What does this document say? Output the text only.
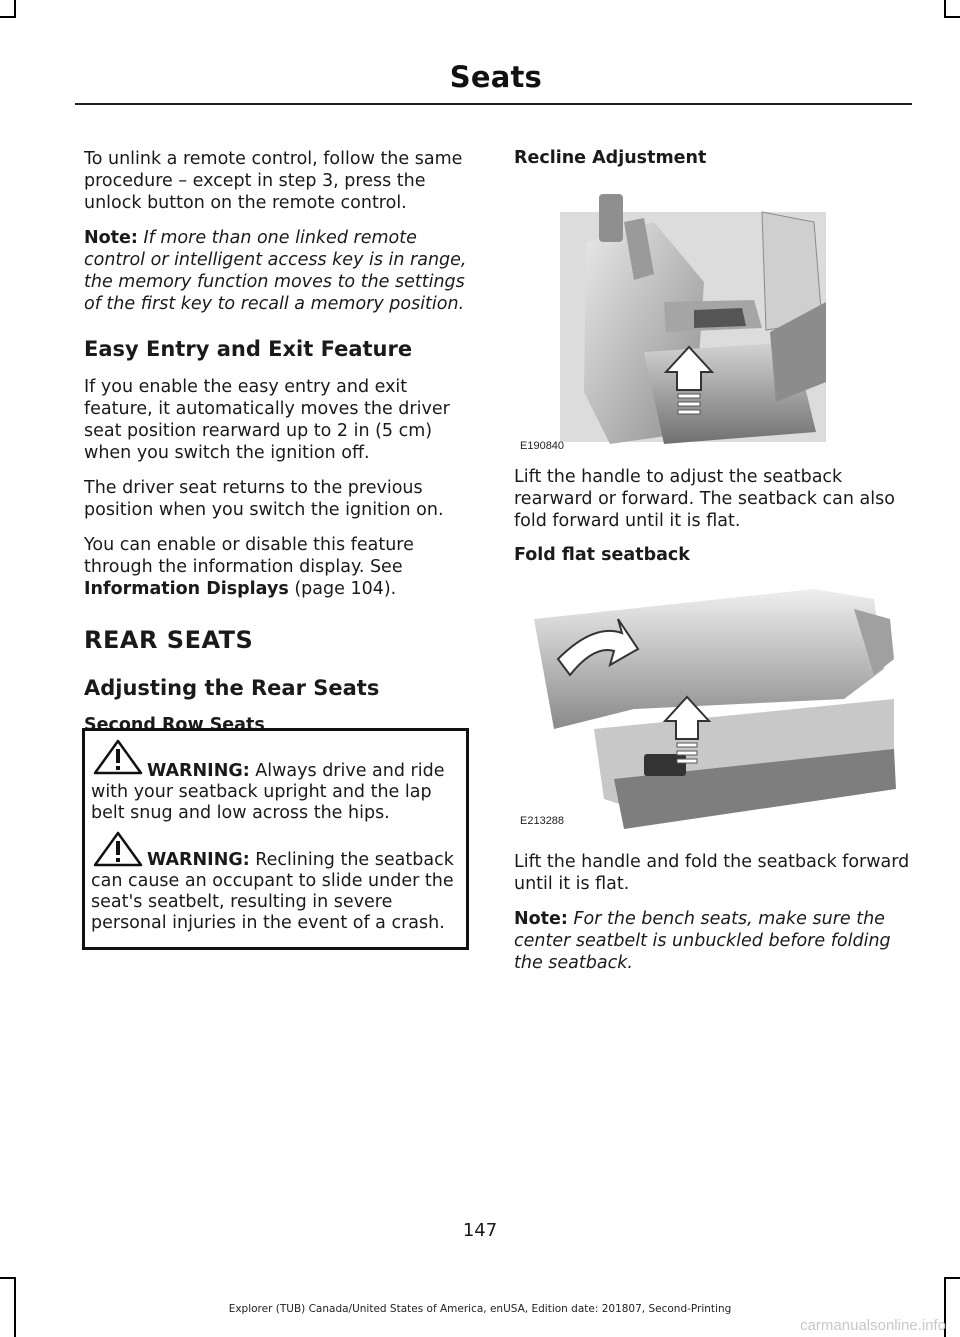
Seats

To unlink a remote control, follow the same procedure – except in step 3, press the unlock button on the remote control.

Note: If more than one linked remote control or intelligent access key is in range, the memory function moves to the settings of the first key to recall a memory position.

Easy Entry and Exit Feature

If you enable the easy entry and exit feature, it automatically moves the driver seat position rearward up to 2 in (5 cm) when you switch the ignition off.

The driver seat returns to the previous position when you switch the ignition on.

You can enable or disable this feature through the information display. See Information Displays (page 104).

REAR SEATS
Adjusting the Rear Seats
Second Row Seats
WARNING: Always drive and ride with your seatback upright and the lap belt snug and low across the hips.
WARNING: Reclining the seatback can cause an occupant to slide under the seat's seatbelt, resulting in severe personal injuries in the event of a crash.
Recline Adjustment
E190840

Lift the handle to adjust the seatback rearward or forward. The seatback can also fold forward until it is flat.

Fold flat seatback
E213288

Lift the handle and fold the seatback forward until it is flat.

Note: For the bench seats, make sure the center seatbelt is unbuckled before folding the seatback.

147
Explorer (TUB) Canada/United States of America, enUSA, Edition date: 201807, Second-Printing
carmanualsonline.info
